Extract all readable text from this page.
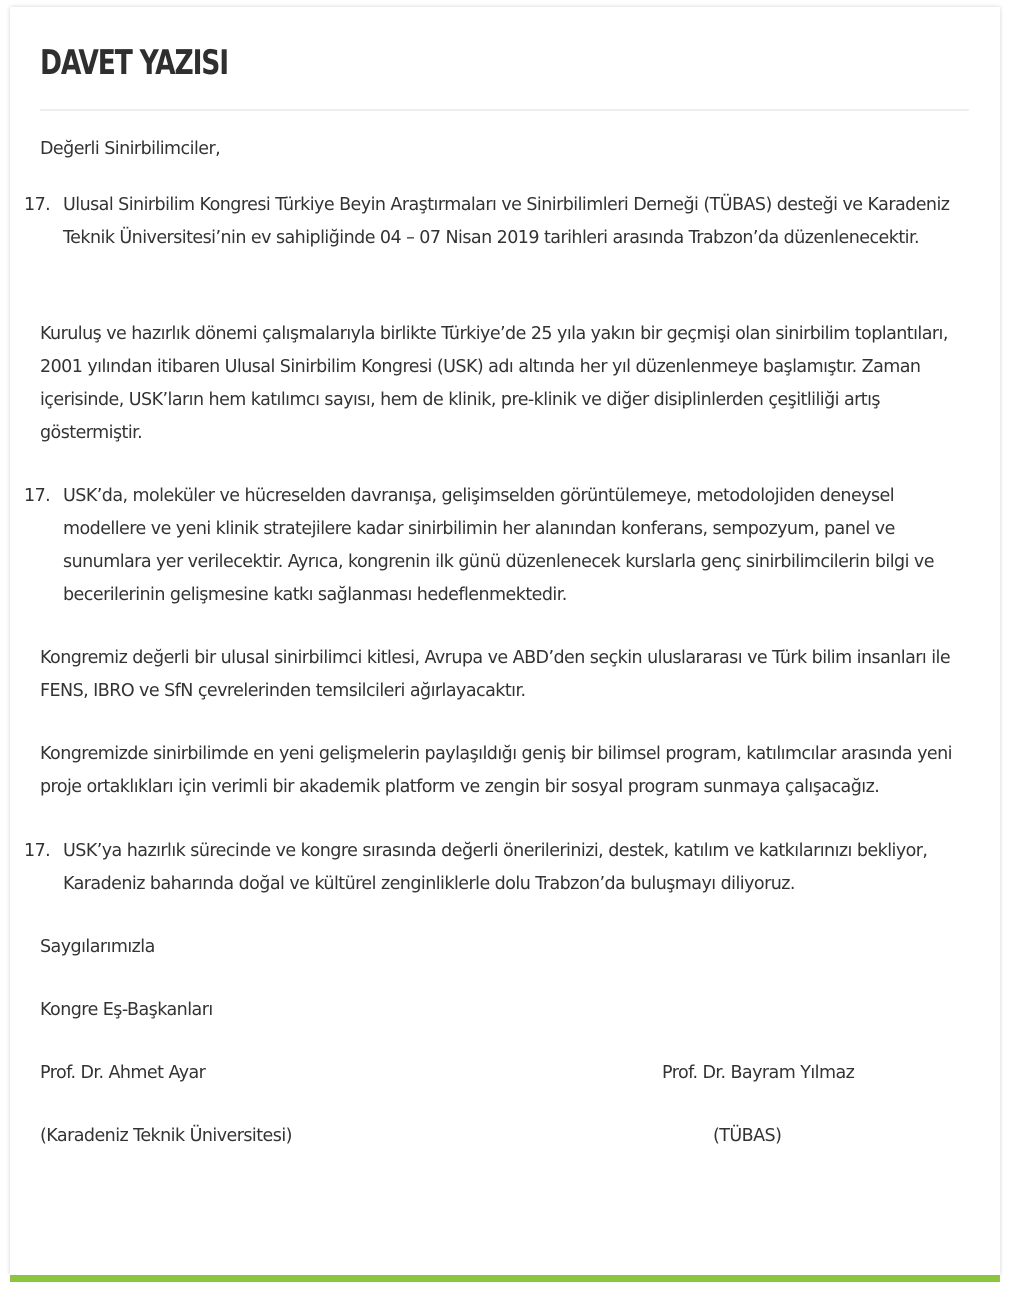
DAVET YAZISI

Değerli Sinirbilimciler,

17. Ulusal Sinirbilim Kongresi Türkiye Beyin Araştırmaları ve Sinirbilimleri Derneği (TÜBAS) desteği ve Karadeniz Teknik Üniversitesi’nin ev sahipliğinde 04 – 07 Nisan 2019 tarihleri arasında Trabzon’da düzenlenecektir.

Kuruluş ve hazırlık dönemi çalışmalarıyla birlikte Türkiye’de 25 yıla yakın bir geçmişi olan sinirbilim toplantıları, 2001 yılından itibaren Ulusal Sinirbilim Kongresi (USK) adı altında her yıl düzenlenmeye başlamıştır. Zaman içerisinde, USK’ların hem katılımcı sayısı, hem de klinik, pre-klinik ve diğer disiplinlerden çeşitliliği artış göstermiştir.

17. USK’da, moleküler ve hücreselden davranışa, gelişimselden görüntülemeye, metodolojiden deneysel modellere ve yeni klinik stratejilere kadar sinirbilimin her alanından konferans, sempozyum, panel ve sunumlara yer verilecektir. Ayrıca, kongrenin ilk günü düzenlenecek kurslarla genç sinirbilimcilerin bilgi ve becerilerinin gelişmesine katkı sağlanması hedeflenmektedir.

Kongremiz değerli bir ulusal sinirbilimci kitlesi, Avrupa ve ABD’den seçkin uluslararası ve Türk bilim insanları ile FENS, IBRO ve SfN çevrelerinden temsilcileri ağırlayacaktır.

Kongremizde sinirbilimde en yeni gelişmelerin paylaşıldığı geniş bir bilimsel program, katılımcılar arasında yeni proje ortaklıkları için verimli bir akademik platform ve zengin bir sosyal program sunmaya çalışacağız.

17. USK’ya hazırlık sürecinde ve kongre sırasında değerli önerilerinizi, destek, katılım ve katkılarınızı bekliyor, Karadeniz baharında doğal ve kültürel zenginliklerle dolu Trabzon’da buluşmayı diliyoruz.
Saygılarımızla
Kongre Eş-Başkanları
Prof. Dr. Ahmet Ayar	Prof. Dr. Bayram Yılmaz
(Karadeniz Teknik Üniversitesi)	(TÜBAS)
